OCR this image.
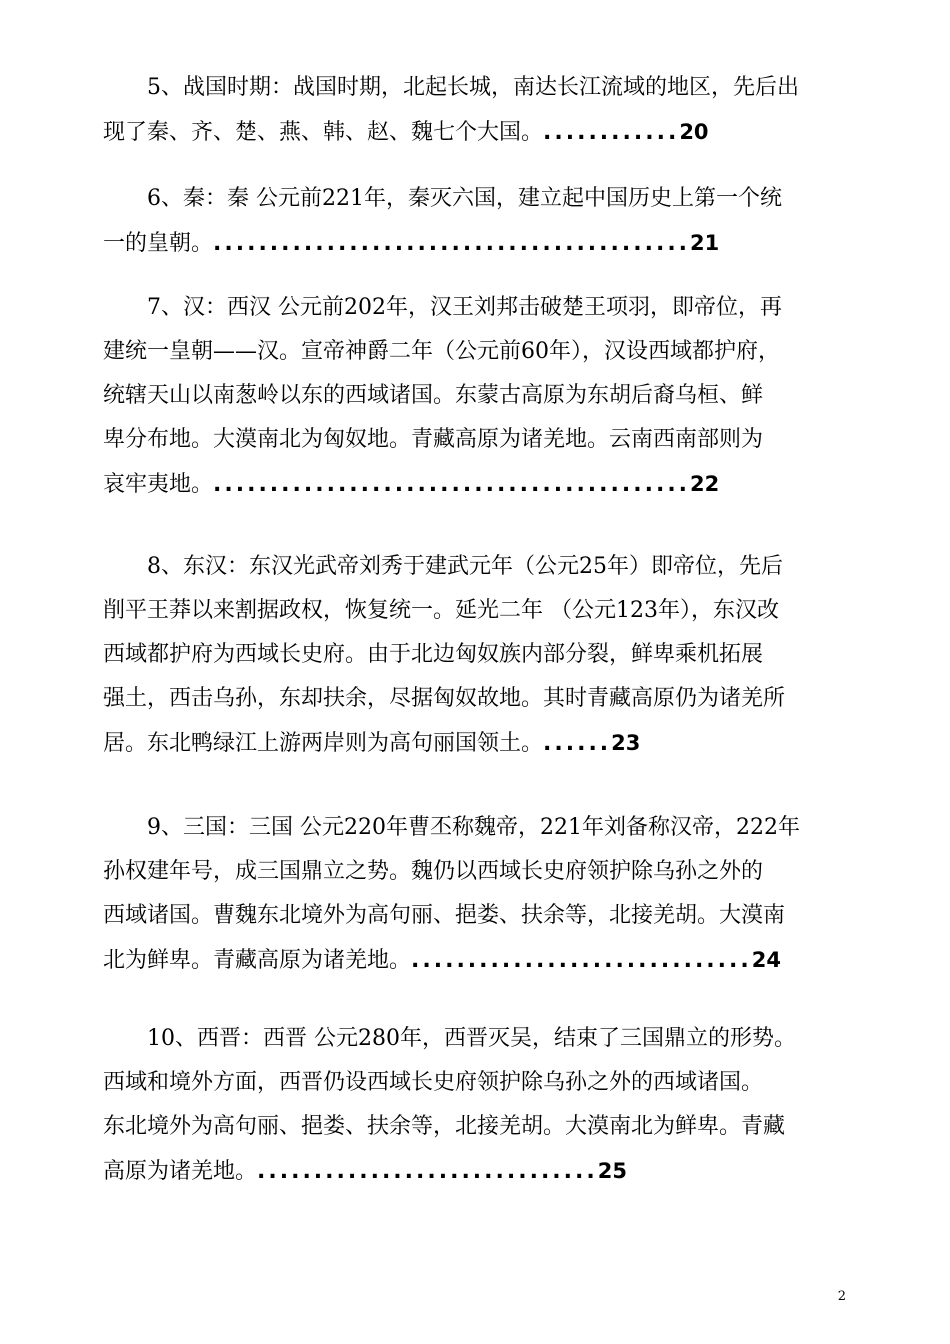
5、战国时期：战国时期，北起长城，南达长江流域的地区，先后出
现了秦、齐、楚、燕、韩、赵、魏七个大国。............20
6、秦：秦 公元前221年，秦灭六国，建立起中国历史上第一个统
一的皇朝。..........................................21
7、汉：西汉 公元前202年，汉王刘邦击破楚王项羽，即帝位，再
建统一皇朝——汉。宣帝神爵二年（公元前60年），汉设西域都护府，
统辖天山以南葱岭以东的西域诸国。东蒙古高原为东胡后裔乌桓、鲜
卑分布地。大漠南北为匈奴地。青藏高原为诸羌地。云南西南部则为
哀牢夷地。..........................................22
8、东汉：东汉光武帝刘秀于建武元年（公元25年）即帝位，先后
削平王莽以来割据政权，恢复统一。延光二年 （公元123年），东汉改
西域都护府为西域长史府。由于北边匈奴族内部分裂，鲜卑乘机拓展
强土，西击乌孙，东却扶余，尽据匈奴故地。其时青藏高原仍为诸羌所
居。东北鸭绿江上游两岸则为高句丽国领土。......23
9、三国：三国 公元220年曹丕称魏帝，221年刘备称汉帝，222年
孙权建年号，成三国鼎立之势。魏仍以西域长史府领护除乌孙之外的
西域诸国。曹魏东北境外为高句丽、挹娄、扶余等，北接羌胡。大漠南
北为鲜卑。青藏高原为诸羌地。..............................24
10、西晋：西晋 公元280年，西晋灭吴，结束了三国鼎立的形势。
西域和境外方面，西晋仍设西域长史府领护除乌孙之外的西域诸国。
东北境外为高句丽、挹娄、扶余等，北接羌胡。大漠南北为鲜卑。青藏
高原为诸羌地。..............................25
2
